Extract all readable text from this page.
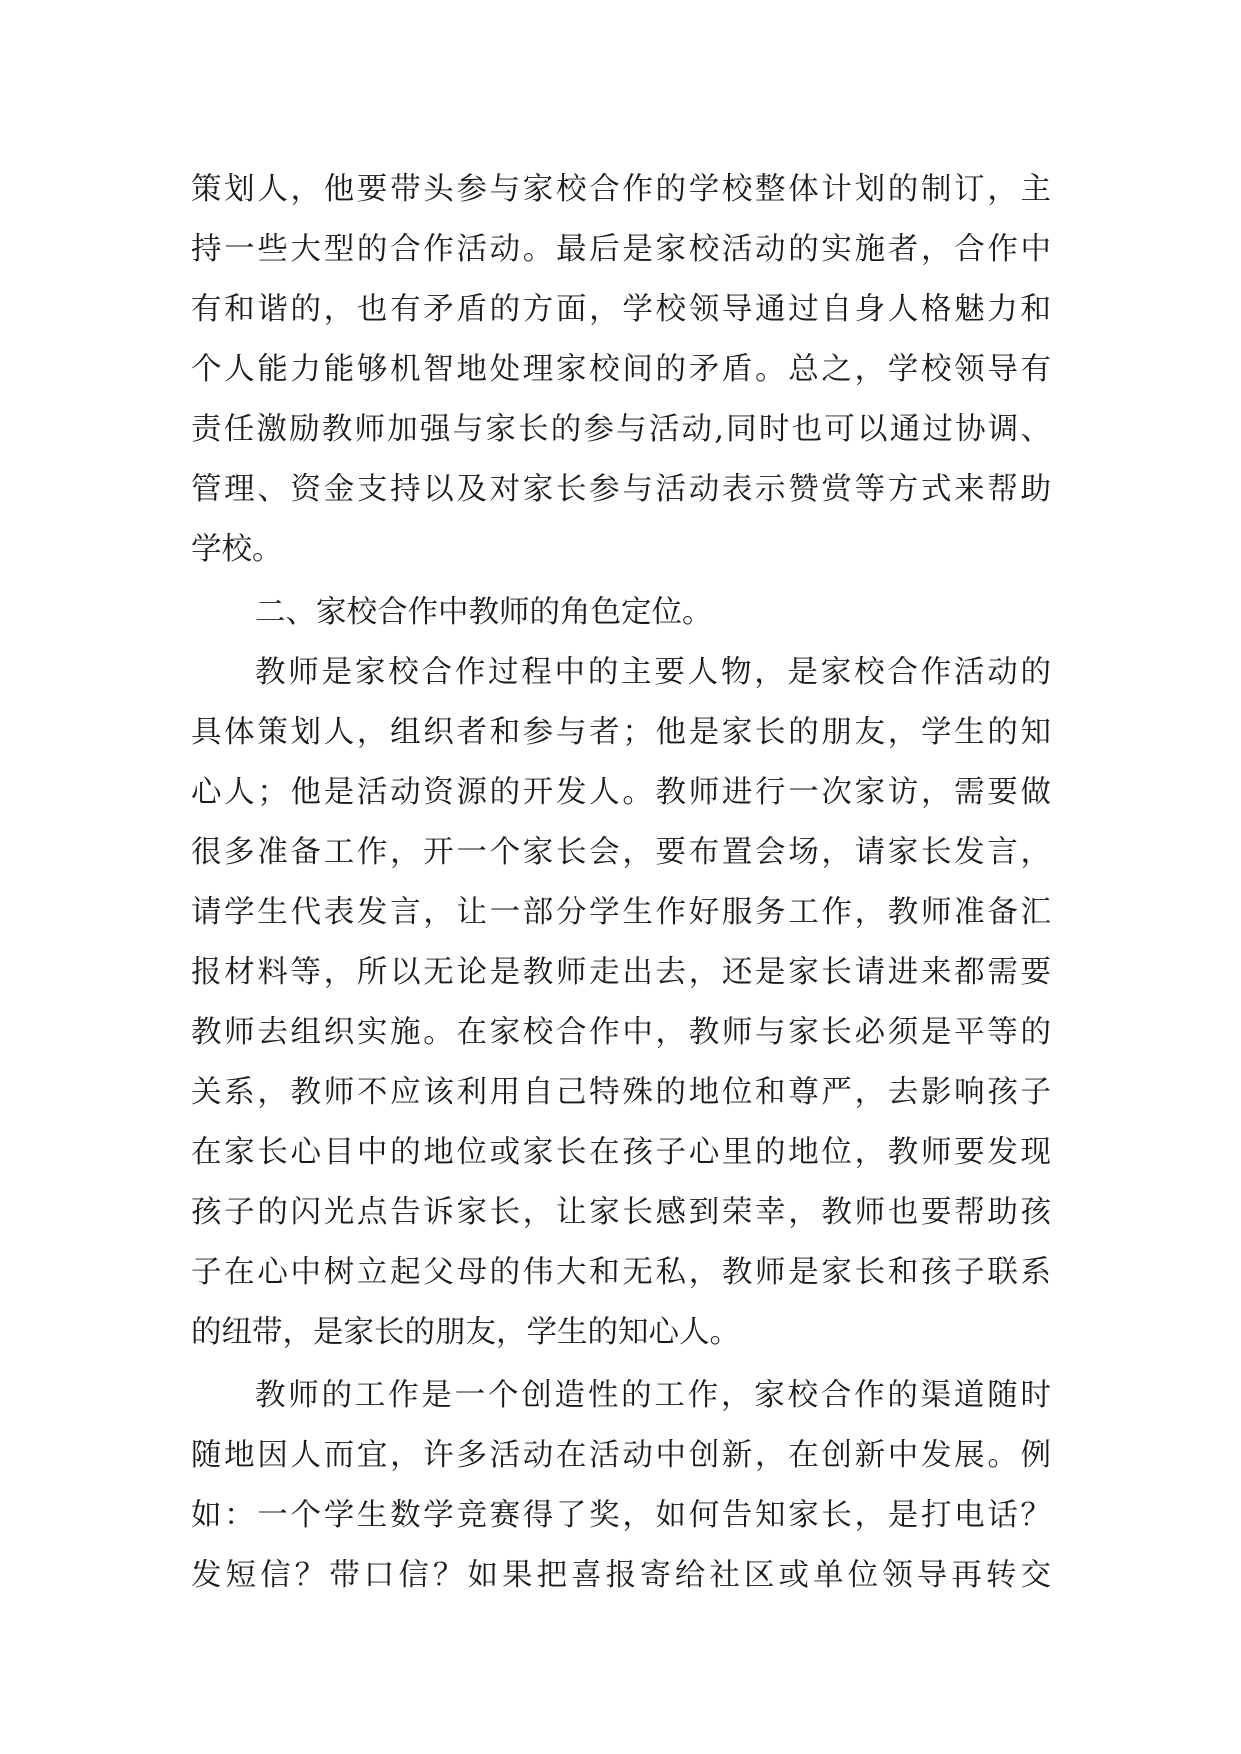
策划人，他要带头参与家校合作的学校整体计划的制订，主
持一些大型的合作活动。最后是家校活动的实施者，合作中
有和谐的，也有矛盾的方面，学校领导通过自身人格魅力和
个人能力能够机智地处理家校间的矛盾。总之，学校领导有
责任激励教师加强与家长的参与活动,同时也可以通过协调、
管理、资金支持以及对家长参与活动表示赞赏等方式来帮助
学校。
二、家校合作中教师的角色定位。
教师是家校合作过程中的主要人物，是家校合作活动的
具体策划人，组织者和参与者；他是家长的朋友，学生的知
心人；他是活动资源的开发人。教师进行一次家访，需要做
很多准备工作，开一个家长会，要布置会场，请家长发言，
请学生代表发言，让一部分学生作好服务工作，教师准备汇
报材料等，所以无论是教师走出去，还是家长请进来都需要
教师去组织实施。在家校合作中，教师与家长必须是平等的
关系，教师不应该利用自己特殊的地位和尊严，去影响孩子
在家长心目中的地位或家长在孩子心里的地位，教师要发现
孩子的闪光点告诉家长，让家长感到荣幸，教师也要帮助孩
子在心中树立起父母的伟大和无私，教师是家长和孩子联系
的纽带，是家长的朋友，学生的知心人。
教师的工作是一个创造性的工作，家校合作的渠道随时
随地因人而宜，许多活动在活动中创新，在创新中发展。例
如：一个学生数学竞赛得了奖，如何告知家长，是打电话？
发短信？带口信？如果把喜报寄给社区或单位领导再转交
